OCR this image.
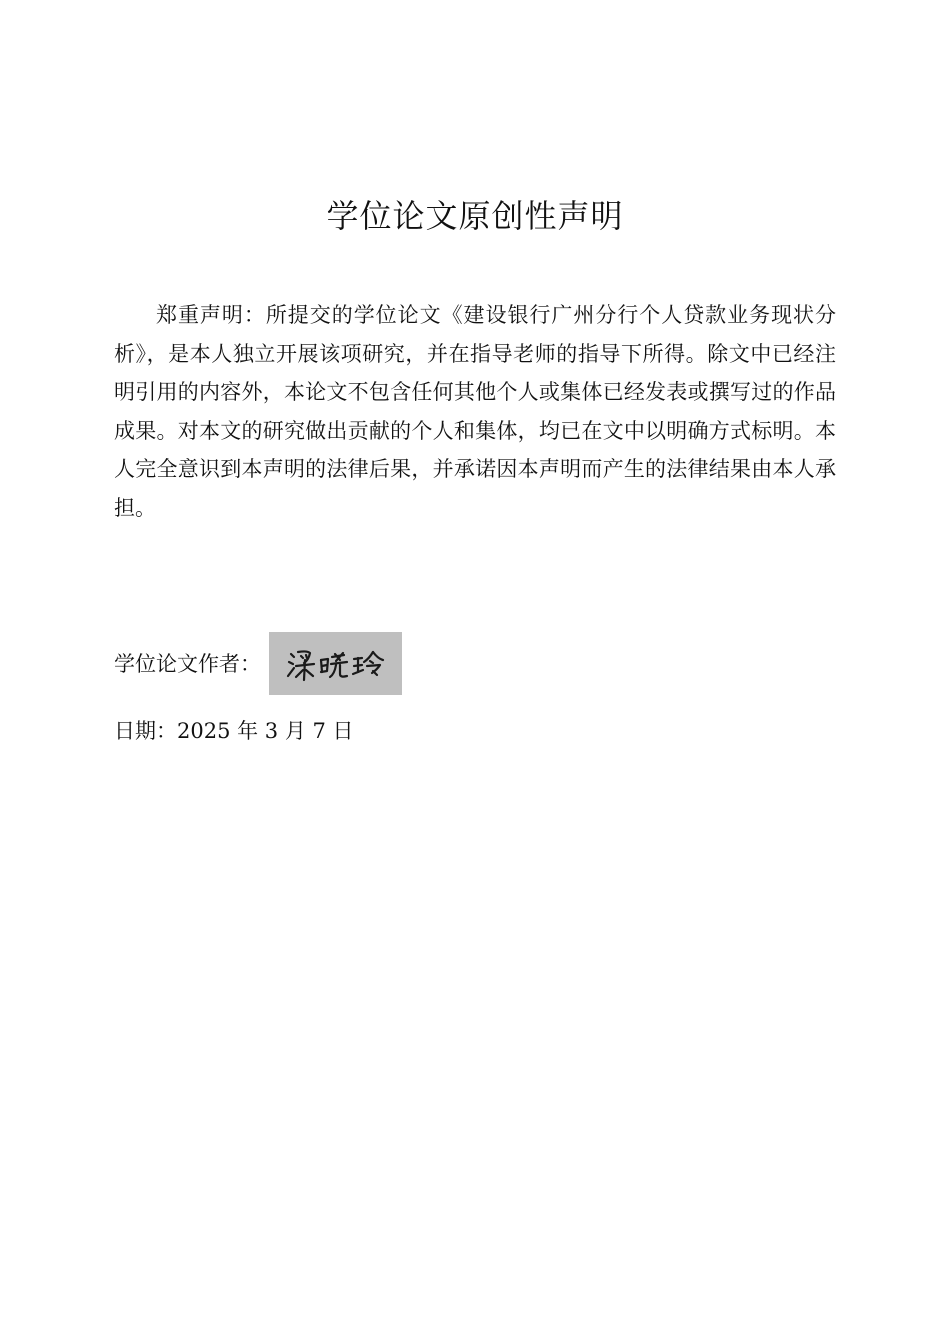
学位论文原创性声明

郑重声明：所提交的学位论文《建设银行广州分行个人贷款业务现状分析》，是本人独立开展该项研究，并在指导老师的指导下所得。除文中已经注明引用的内容外，本论文不包含任何其他个人或集体已经发表或撰写过的作品成果。对本文的研究做出贡献的个人和集体，均已在文中以明确方式标明。本人完全意识到本声明的法律后果，并承诺因本声明而产生的法律结果由本人承担。

学位论文作者：
日期：2025 年 3 月 7 日
